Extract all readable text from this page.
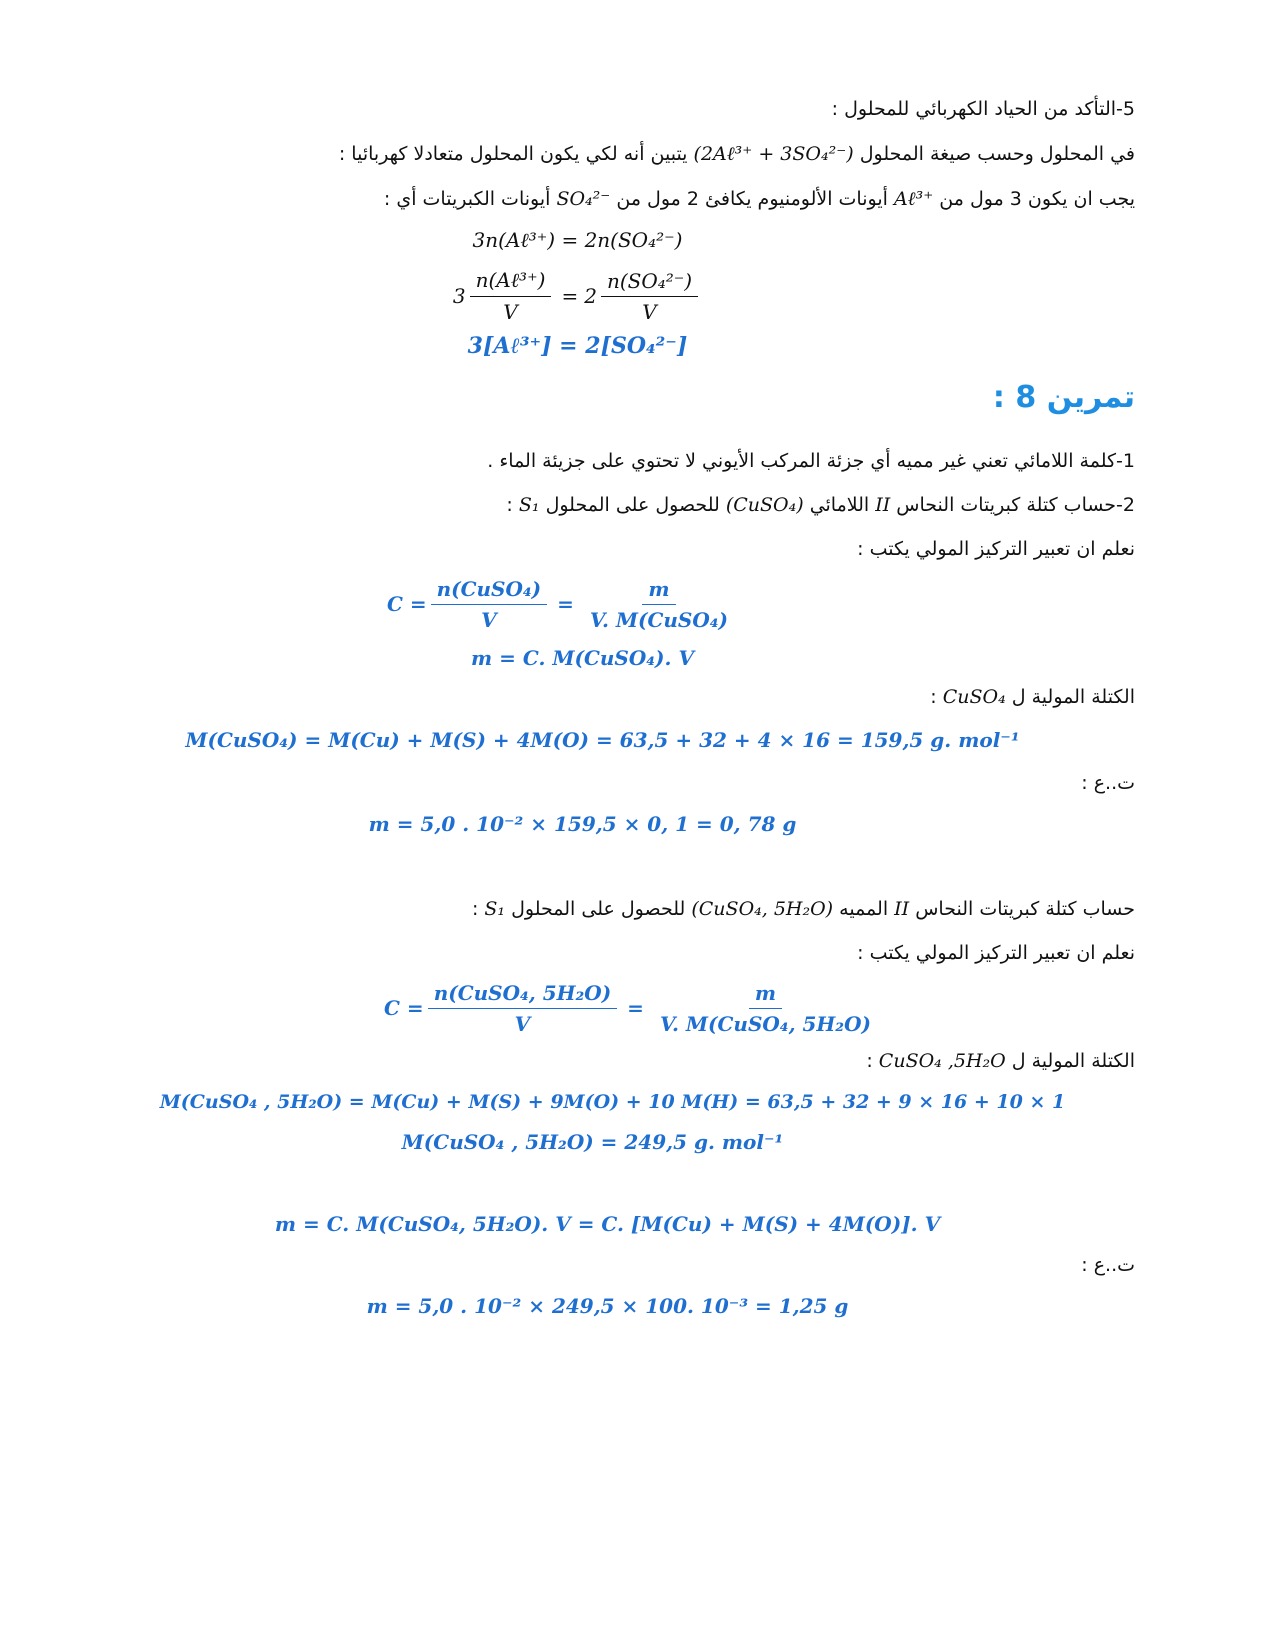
5-التأكد من الحياد الكهربائي للمحلول :
في المحلول وحسب صيغة المحلول (2Aℓ³⁺ + 3SO₄²⁻) يتبين أنه لكي يكون المحلول متعادلا كهربائيا :
يجب ان يكون 3 مول من Aℓ³⁺ أيونات الألومنيوم يكافئ 2 مول من SO₄²⁻ أيونات الكبريتات أي :
3n(Aℓ³⁺) = 2n(SO₄²⁻)
$3 \frac{\text{n(Aℓ³⁺)}}{V} = 2 \frac{\text{n(SO₄²⁻)}}{V}$
3[Aℓ³⁺] = 2[SO₄²⁻]
تمرين 8 :
1-كلمة اللامائي تعني غير مميه أي جزئة المركب الأيوني لا تحتوي على جزيئة الماء .
2-حساب كتلة كبريتات النحاس II اللامائي (CuSO₄) للحصول على المحلول S₁ :
نعلم ان تعبير التركيز المولي يكتب :
$C = \frac{\text{n(CuSO₄)}}{V} = \frac{m}{\text{V. M(CuSO₄)}}$
m = C. M(CuSO₄). V
الكتلة المولية ل CuSO₄ :
M(CuSO₄) = M(Cu) + M(S) + 4M(O) = 63,5 + 32 + 4 × 16 = 159,5 g. mol⁻¹
ت..ع :
m = 5,0 . 10⁻² × 159,5 × 0, 1 = 0, 78 g
حساب كتلة كبريتات النحاس II المميه (CuSO₄, 5H₂O) للحصول على المحلول S₁ :
نعلم ان تعبير التركيز المولي يكتب :
$C = \frac{\text{n(CuSO₄, 5H₂O)}}{V} = \frac{m}{\text{V. M(CuSO₄, 5H₂O)}}$
الكتلة المولية ل CuSO₄ ,5H₂O :
M(CuSO₄ , 5H₂O) = M(Cu) + M(S) + 9M(O) + 10 M(H) = 63,5 + 32 + 9 × 16 + 10 × 1
M(CuSO₄ , 5H₂O) = 249,5 g. mol⁻¹
m = C. M(CuSO₄, 5H₂O). V = C. [M(Cu) + M(S) + 4M(O)]. V
ت..ع :
m = 5,0 . 10⁻² × 249,5 × 100. 10⁻³ = 1,25 g
